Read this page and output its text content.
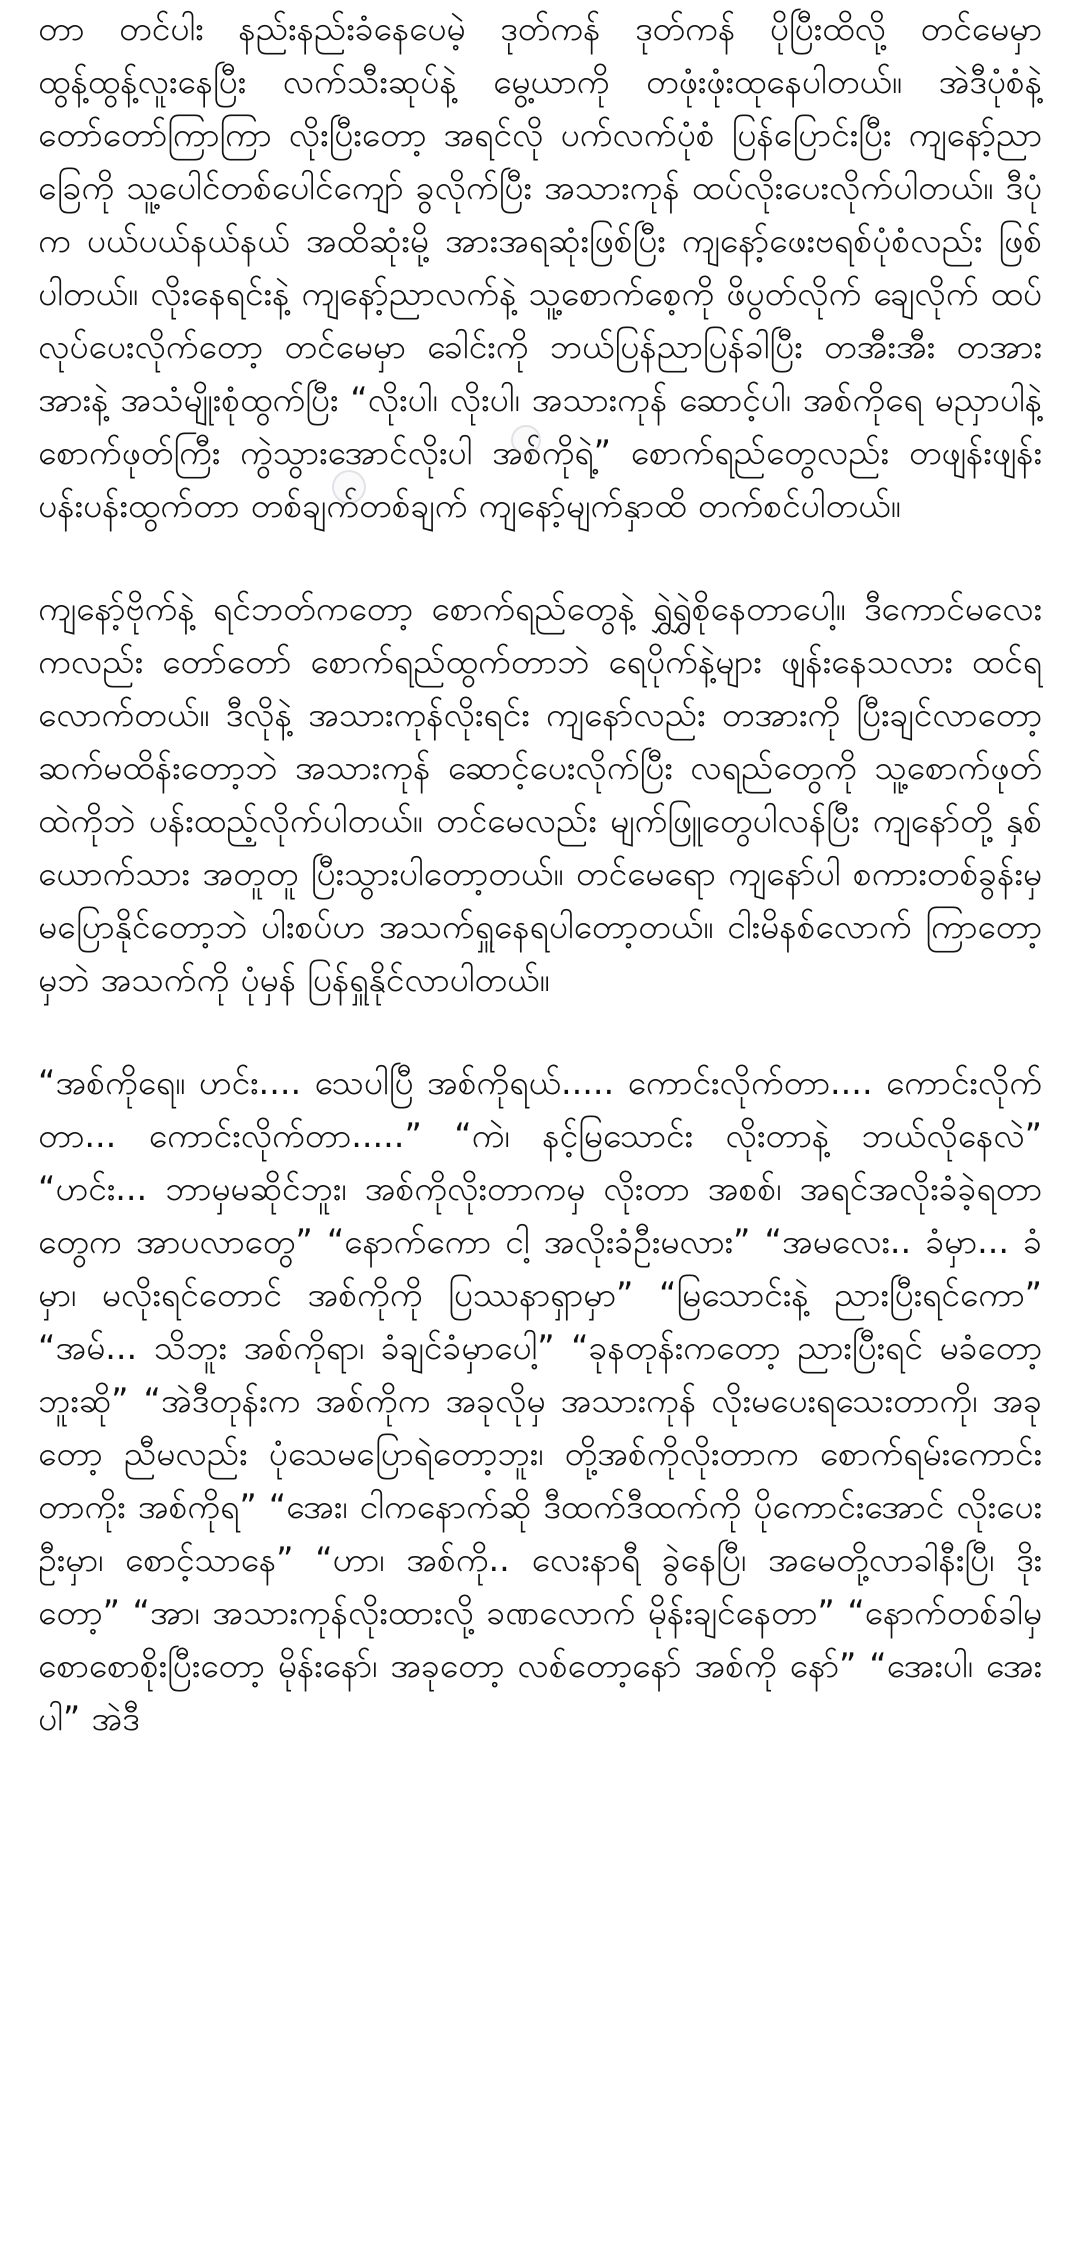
တာ တင်ပါး နည်းနည်းခံနေပေမဲ့ ဒုတ်ကန် ဒုတ်ကန် ပိုပြီးထိလို့ တင်မေမှာ ထွန့်ထွန့်လူးနေပြီး လက်သီးဆုပ်နဲ့ မွေ့ယာကို တဖုံးဖုံးထုနေပါတယ်။ အဲဒီပုံစံနဲ့ တော်တော်ကြာကြာ လိုးပြီးတော့ အရင်လို ပက်လက်ပုံစံ ပြန်ပြောင်းပြီး ကျနော့်ညာခြေကို သူ့ပေါင်တစ်ပေါင်ကျော် ခွလိုက်ပြီး အသားကုန် ထပ်လိုးပေးလိုက်ပါတယ်။ ဒီပုံက ပယ်ပယ်နယ်နယ် အထိဆုံးမို့ အားအရဆုံးဖြစ်ပြီး ကျနော့်ဖေးဗရစ်ပုံစံလည်း ဖြစ်ပါတယ်။ လိုးနေရင်းနဲ့ ကျနော့်ညာလက်နဲ့ သူ့စောက်စေ့ကို ဖိပွတ်လိုက် ချေလိုက် ထပ်လုပ်ပေးလိုက်တော့ တင်မေမှာ ခေါင်းကို ဘယ်ပြန်ညာပြန်ခါပြီး တအီးအီး တအားအားနဲ့ အသံမျိုးစုံထွက်ပြီး “လိုးပါ၊ လိုးပါ၊ အသားကုန် ဆောင့်ပါ၊ အစ်ကိုရေ မညှာပါနဲ့ စောက်ဖုတ်ကြီး ကွဲသွားအောင်လိုးပါ အစ်ကိုရဲ့” စောက်ရည်တွေလည်း တဖျန်းဖျန်း ပန်းပန်းထွက်တာ တစ်ချက်တစ်ချက် ကျနော့်မျက်နှာထိ တက်စင်ပါတယ်။

ကျနော့်ဗိုက်နဲ့ ရင်ဘတ်ကတော့ စောက်ရည်တွေနဲ့ ရွှဲရွှဲစိုနေတာပေါ့။ ဒီကောင်မလေးကလည်း တော်တော် စောက်ရည်ထွက်တာဘဲ ရေပိုက်နဲ့များ ဖျန်းနေသလား ထင်ရလောက်တယ်။ ဒီလိုနဲ့ အသားကုန်လိုးရင်း ကျနော်လည်း တအားကို ပြီးချင်လာတော့ ဆက်မထိန်းတော့ဘဲ အသားကုန် ဆောင့်ပေးလိုက်ပြီး လရည်တွေကို သူ့စောက်ဖုတ်ထဲကိုဘဲ ပန်းထည့်လိုက်ပါတယ်။ တင်မေလည်း မျက်ဖြူတွေပါလန်ပြီး ကျနော်တို့ နှစ်ယောက်သား အတူတူ ပြီးသွားပါတော့တယ်။ တင်မေရော ကျနော်ပါ စကားတစ်ခွန်းမှ မပြောနိုင်တော့ဘဲ ပါးစပ်ဟ အသက်ရှူနေရပါတော့တယ်။ ငါးမိနစ်လောက် ကြာတော့မှဘဲ အသက်ကို ပုံမှန် ပြန်ရှူနိုင်လာပါတယ်။

“အစ်ကိုရေ။ ဟင်း.... သေပါပြီ အစ်ကိုရယ်..... ကောင်းလိုက်တာ.... ကောင်းလိုက်တာ... ကောင်းလိုက်တာ.....” “ကဲ၊ နင့်မြသောင်း လိုးတာနဲ့ ဘယ်လိုနေလဲ” “ဟင်း... ဘာမှမဆိုင်ဘူး၊ အစ်ကိုလိုးတာကမှ လိုးတာ အစစ်၊ အရင်အလိုးခံခဲ့ရတာတွေက အာပလာတွေ” “နောက်ကော ငါ့ အလိုးခံဦးမလား” “အမလေး.. ခံမှာ... ခံမှာ၊ မလိုးရင်တောင် အစ်ကိုကို ပြဿနာရှာမှာ” “မြသောင်းနဲ့ ညားပြီးရင်ကော” “အမ်... သိဘူး အစ်ကိုရာ၊ ခံချင်ခံမှာပေါ့” “ခုနတုန်းကတော့ ညားပြီးရင် မခံတော့ဘူးဆို” “အဲဒီတုန်းက အစ်ကိုက အခုလိုမှ အသားကုန် လိုးမပေးရသေးတာကို၊ အခုတော့ ညီမလည်း ပုံသေမပြောရဲတော့ဘူး၊ တို့အစ်ကိုလိုးတာက စောက်ရမ်းကောင်းတာကိုး အစ်ကိုရ” “အေး၊ ငါကနောက်ဆို ဒီထက်ဒီထက်ကို ပိုကောင်းအောင် လိုးပေးဦးမှာ၊ စောင့်သာနေ” “ဟာ၊ အစ်ကို.. လေးနာရီ ခွဲနေပြီ၊ အမေတို့လာခါနီးပြီ၊ ဒိုးတော့” “အာ၊ အသားကုန်လိုးထားလို့ ခဏလောက် မိုန်းချင်နေတာ” “နောက်တစ်ခါမှ စောစောစိုးပြီးတော့ မိုန်းနော်၊ အခုတော့ လစ်တော့နော် အစ်ကို နော်” “အေးပါ၊ အေးပါ” အဲဒီ
